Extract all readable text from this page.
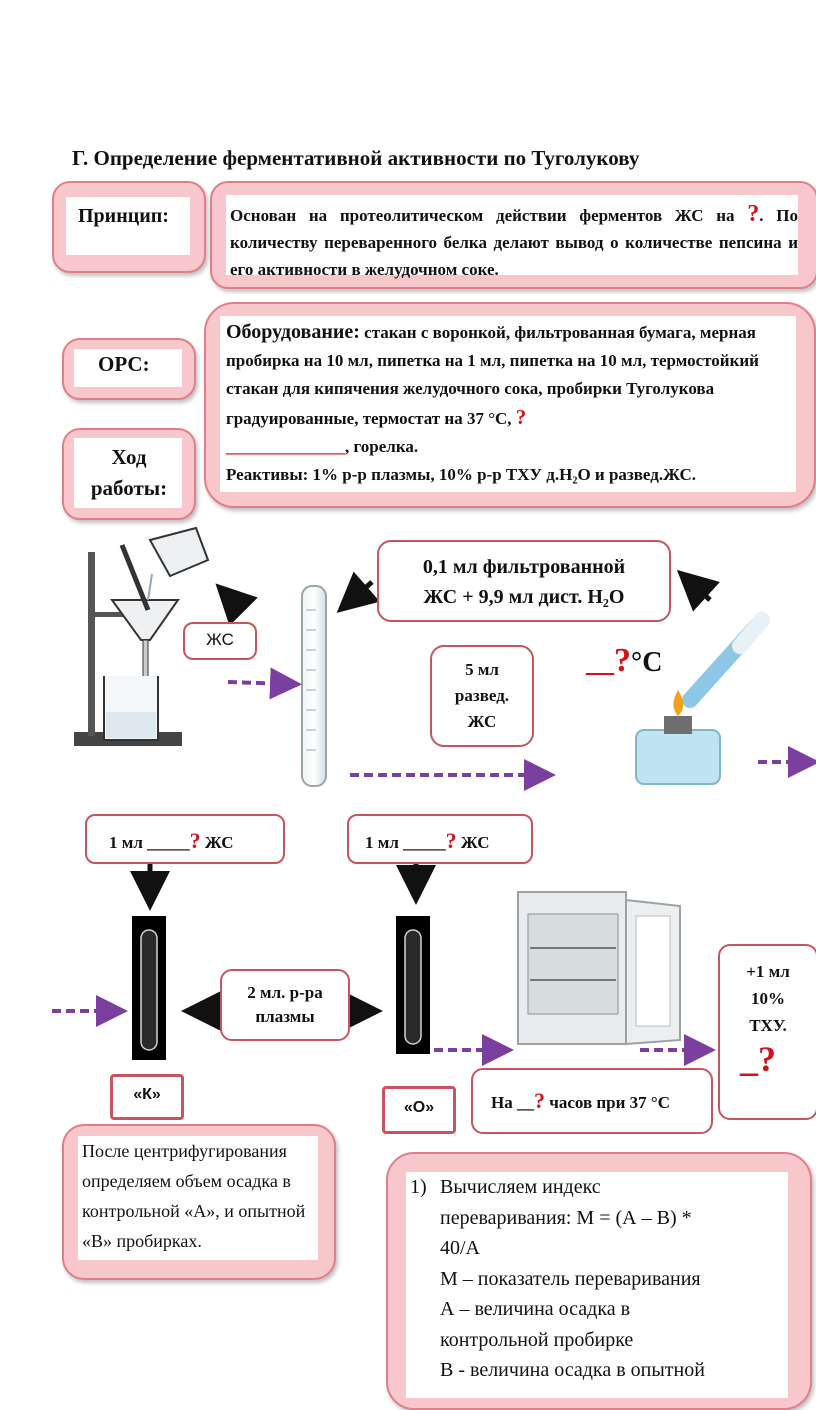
Г. Определение ферментативной активности по Туголукову
Принцип:	Основан на протеолитическом действии ферментов ЖС на ?. По количеству переваренного белка делают вывод о количестве пепсина и его активности в желудочном соке.
ОРС:
Ход
работы:
Оборудование: стакан с воронкой, фильтрованная бумага, мерная пробирка на 10 мл, пипетка на 1 мл, пипетка на 10 мл, термостойкий стакан для кипячения желудочного сока, пробирки Туголукова градуированные, термостат на 37 °С, ?
______________, горелка.
Реактивы: 1% р-р плазмы, 10% р-р ТХУ д.Н₂О и развед.ЖС.
ЖС
0,1 мл фильтрованной
ЖС + 9,9 мл дист. Н₂О
5 мл
развед.
ЖС
__?°С
1 мл _____? ЖС	1 мл _____? ЖС
2 мл. р-ра
плазмы
+1 мл
10%
ТХУ.
_?
«К»
«О»	На __? часов при 37 °С
После центрифугирования определяем объем осадка в контрольной «А», и опытной «В» пробирках.
1) Вычисляем индекс
переваривания: М = (А – В) *
40/А
М – показатель переваривания
А – величина осадка в
контрольной пробирке
В - величина осадка в опытной
